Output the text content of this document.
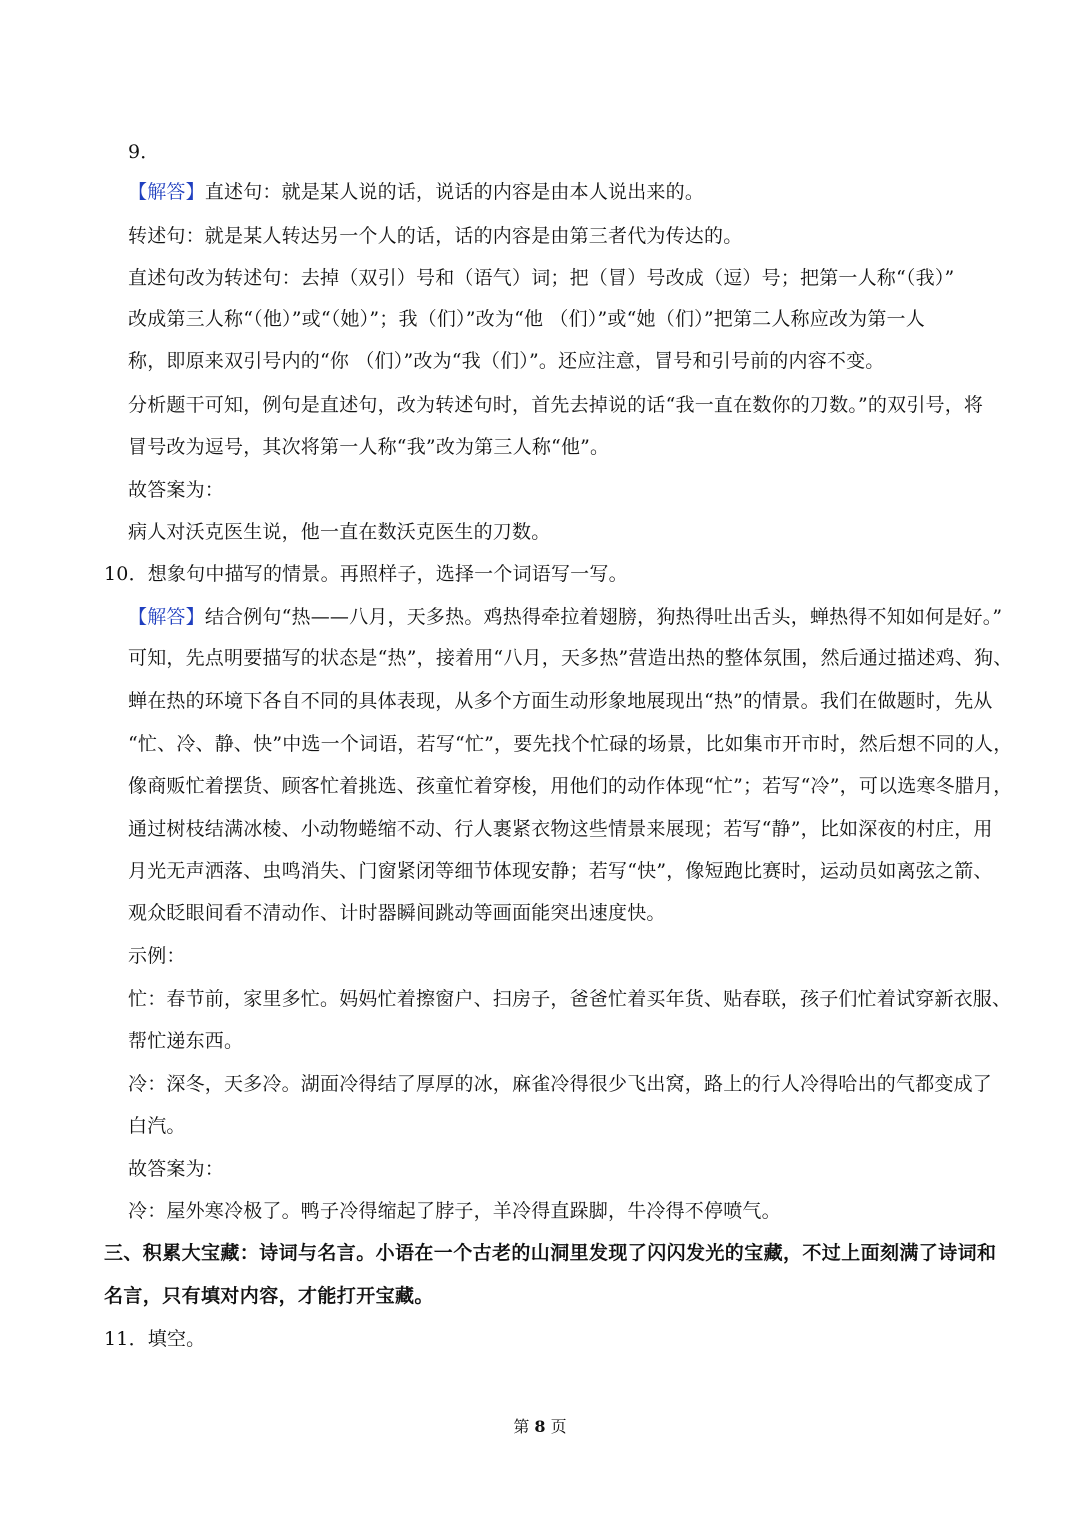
9．
【解答】直述句：就是某人说的话，说话的内容是由本人说出来的。
转述句：就是某人转达另一个人的话，话的内容是由第三者代为传达的。
直述句改为转述句：去掉（双引）号和（语气）词；把（冒）号改成（逗）号；把第一人称“（我）”
改成第三人称“（他）”或“（她）”；我（们）”改为“他 （们）”或“她（们）”把第二人称应改为第一人
称，即原来双引号内的“你 （们）”改为“我（们）”。还应注意，冒号和引号前的内容不变。
分析题干可知，例句是直述句，改为转述句时，首先去掉说的话“我一直在数你的刀数。”的双引号，将
冒号改为逗号，其次将第一人称“我”改为第三人称“他”。
故答案为：
病人对沃克医生说，他一直在数沃克医生的刀数。
10．想象句中描写的情景。再照样子，选择一个词语写一写。
【解答】结合例句“热——八月，天多热。鸡热得牵拉着翅膀，狗热得吐出舌头，蝉热得不知如何是好。”
可知，先点明要描写的状态是“热”，接着用“八月，天多热”营造出热的整体氛围，然后通过描述鸡、狗、
蝉在热的环境下各自不同的具体表现，从多个方面生动形象地展现出“热”的情景。我们在做题时，先从
“忙、冷、静、快”中选一个词语，若写“忙”，要先找个忙碌的场景，比如集市开市时，然后想不同的人，
像商贩忙着摆货、顾客忙着挑选、孩童忙着穿梭，用他们的动作体现“忙”；若写“冷”，可以选寒冬腊月，
通过树枝结满冰棱、小动物蜷缩不动、行人裹紧衣物这些情景来展现；若写“静”，比如深夜的村庄，用
月光无声洒落、虫鸣消失、门窗紧闭等细节体现安静；若写“快”，像短跑比赛时，运动员如离弦之箭、
观众眨眼间看不清动作、计时器瞬间跳动等画面能突出速度快。
示例：
忙：春节前，家里多忙。妈妈忙着擦窗户、扫房子，爸爸忙着买年货、贴春联，孩子们忙着试穿新衣服、
帮忙递东西。
冷：深冬，天多冷。湖面冷得结了厚厚的冰，麻雀冷得很少飞出窝，路上的行人冷得哈出的气都变成了
白汽。
故答案为：
冷：屋外寒冷极了。鸭子冷得缩起了脖子，羊冷得直跺脚，牛冷得不停喷气。
三、积累大宝藏：诗词与名言。小语在一个古老的山洞里发现了闪闪发光的宝藏，不过上面刻满了诗词和
名言，只有填对内容，才能打开宝藏。
11．填空。
第 8 页
